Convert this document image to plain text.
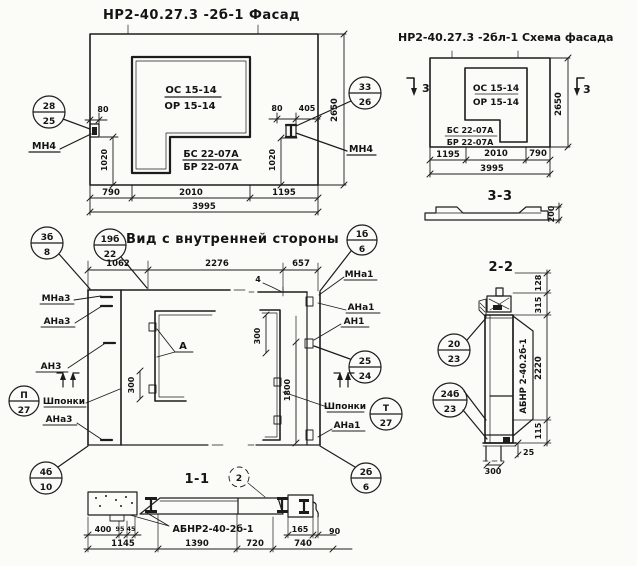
НР2-40.27.3 -2б-1 Фасад
ОС 15-14
ОР 15-14
БС 22-07А
БР 22-07А
28
25
МН4
33
26
МН4
80
1020
80 405
1020
2650
790	2010	1195
3995
НР2-40.27.3 -2бл-1 Схема фасада
ОС 15-14
ОР 15-14
БС 22-07А
БР 22-07А
3	3
2650
1195	2010	790
3995
3-3
200
Вид с внутренней стороны
1062	2276	657
А
300
МНа3
АНа3
АН3
Шпонки
АНа3
3б
8
19б
22
П
27
4б
10
300
1800
4	МНа1
АНа1
АН1
Шпонки
АНа1
1б
6
25
24
Т
27
2б
6
1-1	2
АБНР2-40-2б-1
400 95 45	165	90
1145	1390	720	740
2-2
АБНР 2-40.2б-1
128
315
2220
115
25
300
20
23
24б
23
